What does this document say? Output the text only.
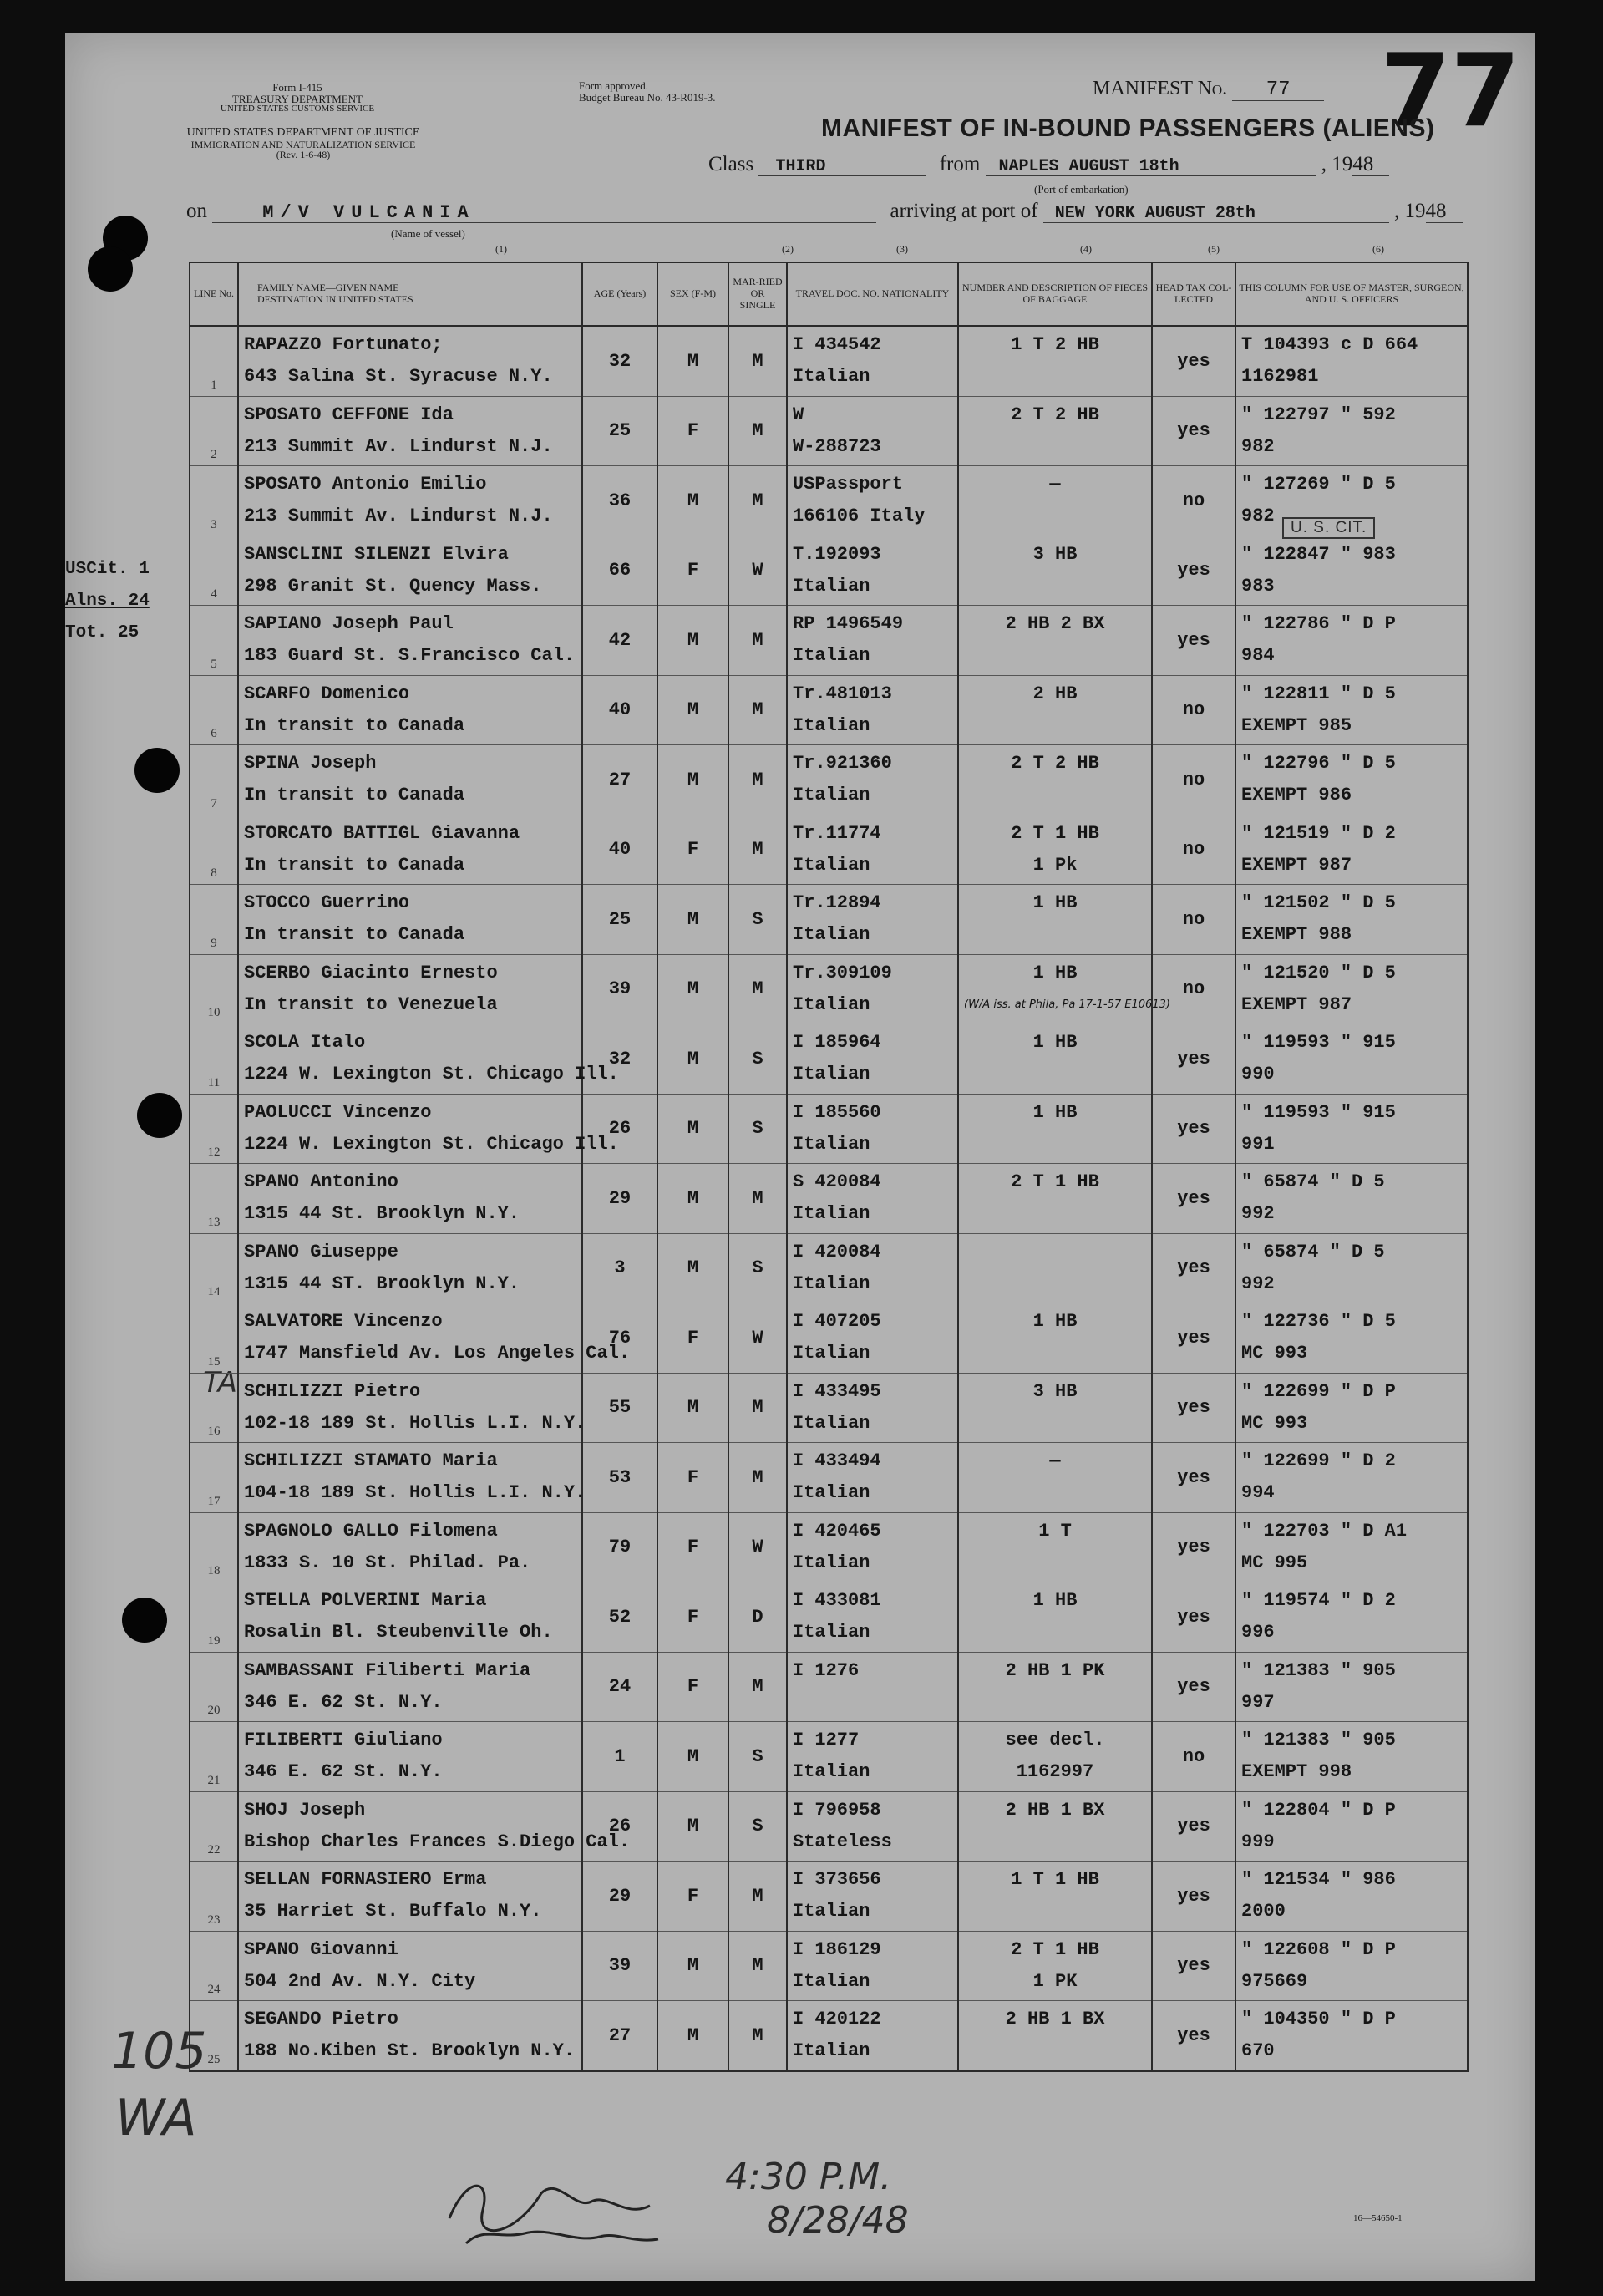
Form I-415
TREASURY DEPARTMENT
UNITED STATES CUSTOMS SERVICE
UNITED STATES DEPARTMENT OF JUSTICE
IMMIGRATION AND NATURALIZATION SERVICE
(Rev. 1-6-48)
Form approved.
Budget Bureau No. 43-R019-3.	MANIFEST No. 77 77
MANIFEST OF IN-BOUND PASSENGERS (ALIENS)
Class THIRD	from NAPLES AUGUST 18th	, 1948
(Port of embarkation)
on	M/V VULCANIA	arriving at port of NEW YORK AUGUST 28th	, 1948
(Name of vessel)
(1)	(2)	(3)	(4)	(5)	(6)
USCit. 1
Alns. 24
Tot. 25
TA
105
WA
LINE No.	FAMILY NAME—GIVEN NAME
DESTINATION IN UNITED STATES	AGE (Years)	SEX (F-M)	MAR-RIED OR SINGLE	TRAVEL DOC. NO. NATIONALITY	NUMBER AND DESCRIPTION OF PIECES OF BAGGAGE	HEAD TAX COL-LECTED	THIS COLUMN FOR USE OF MASTER, SURGEON, AND U. S. OFFICERS
1	RAPAZZO Fortunato;
643 Salina St. Syracuse N.Y.	32	M	M	I 434542
Italian	1 T 2 HB	yes	T 104393 c D 664
1162981

2	SPOSATO CEFFONE Ida
213 Summit Av. Lindurst N.J.	25	F	M	W
W-288723	2 T 2 HB	yes	" 122797 " 592
982

3	SPOSATO Antonio Emilio
213 Summit Av. Lindurst N.J.	36	M	M	USPassport
166106 Italy	—	no	" 127269 " D 5
982

4	SANSCLINI SILENZI Elvira
298 Granit St. Quency Mass.	66	F	W	T.192093
Italian	3 HB	yes	" 122847 " 983
983

5	SAPIANO Joseph Paul
183 Guard St. S.Francisco Cal.	42	M	M	RP 1496549
Italian	2 HB 2 BX	yes	" 122786 " D P
984

6	SCARFO Domenico
In transit to Canada	40	M	M	Tr.481013
Italian	2 HB	no	" 122811 " D 5
EXEMPT 985

7	SPINA Joseph
In transit to Canada	27	M	M	Tr.921360
Italian	2 T 2 HB	no	" 122796 " D 5
EXEMPT 986

8	STORCATO BATTIGL Giavanna
In transit to Canada	40	F	M	Tr.11774
Italian	2 T 1 HB
1 Pk	no	" 121519 " D 2
EXEMPT 987

9	STOCCO Guerrino
In transit to Canada	25	M	S	Tr.12894
Italian	1 HB	no	" 121502 " D 5
EXEMPT 988

10	SCERBO Giacinto Ernesto
In transit to Venezuela	39	M	M	Tr.309109
Italian	1 HB
(W/A iss. at Phila, Pa 17-1-57 E10613)	no	" 121520 " D 5
EXEMPT 987

11	SCOLA Italo
1224 W. Lexington St. Chicago Ill.	32	M	S	I 185964
Italian	1 HB	yes	" 119593 " 915
990

12	PAOLUCCI Vincenzo
1224 W. Lexington St. Chicago Ill.	26	M	S	I 185560
Italian	1 HB	yes	" 119593 " 915
991

13	SPANO Antonino
1315 44 St. Brooklyn N.Y.	29	M	M	S 420084
Italian	2 T 1 HB	yes	" 65874 " D 5
992

14	SPANO Giuseppe
1315 44 ST. Brooklyn N.Y.	3	M	S	I 420084
Italian		yes	" 65874 " D 5
992

15	SALVATORE Vincenzo
1747 Mansfield Av. Los Angeles Cal.	76	F	W	I 407205
Italian	1 HB	yes	" 122736 " D 5
MC 993

16	SCHILIZZI Pietro
102-18 189 St. Hollis L.I. N.Y.	55	M	M	I 433495
Italian	3 HB	yes	" 122699 " D P
MC 993

17	SCHILIZZI STAMATO Maria
104-18 189 St. Hollis L.I. N.Y.	53	F	M	I 433494
Italian	—	yes	" 122699 " D 2
994

18	SPAGNOLO GALLO Filomena
1833 S. 10 St. Philad. Pa.	79	F	W	I 420465
Italian	1 T	yes	" 122703 " D A1
MC 995

19	STELLA POLVERINI Maria
Rosalin Bl. Steubenville Oh.	52	F	D	I 433081
Italian	1 HB	yes	" 119574 " D 2
996

20	SAMBASSANI Filiberti Maria
346 E. 62 St. N.Y.	24	F	M	I 1276	2 HB 1 PK	yes	" 121383 " 905
997

21	FILIBERTI Giuliano
346 E. 62 St. N.Y.	1	M	S	I 1277
Italian	see decl.
1162997	no	" 121383 " 905
EXEMPT 998

22	SHOJ Joseph
Bishop Charles Frances S.Diego Cal.	26	M	S	I 796958
Stateless	2 HB 1 BX	yes	" 122804 " D P
999

23	SELLAN FORNASIERO Erma
35 Harriet St. Buffalo N.Y.	29	F	M	I 373656
Italian	1 T 1 HB	yes	" 121534 " 986
2000

24	SPANO Giovanni
504 2nd Av. N.Y. City	39	M	M	I 186129
Italian	2 T 1 HB
1 PK	yes	" 122608 " D P
975669

25	SEGANDO Pietro
188 No.Kiben St. Brooklyn N.Y.	27	M	M	I 420122
Italian	2 HB 1 BX	yes	" 104350 " D P
670
U. S. CIT.
4:30 P.M.
8/28/48	16—54650-1
